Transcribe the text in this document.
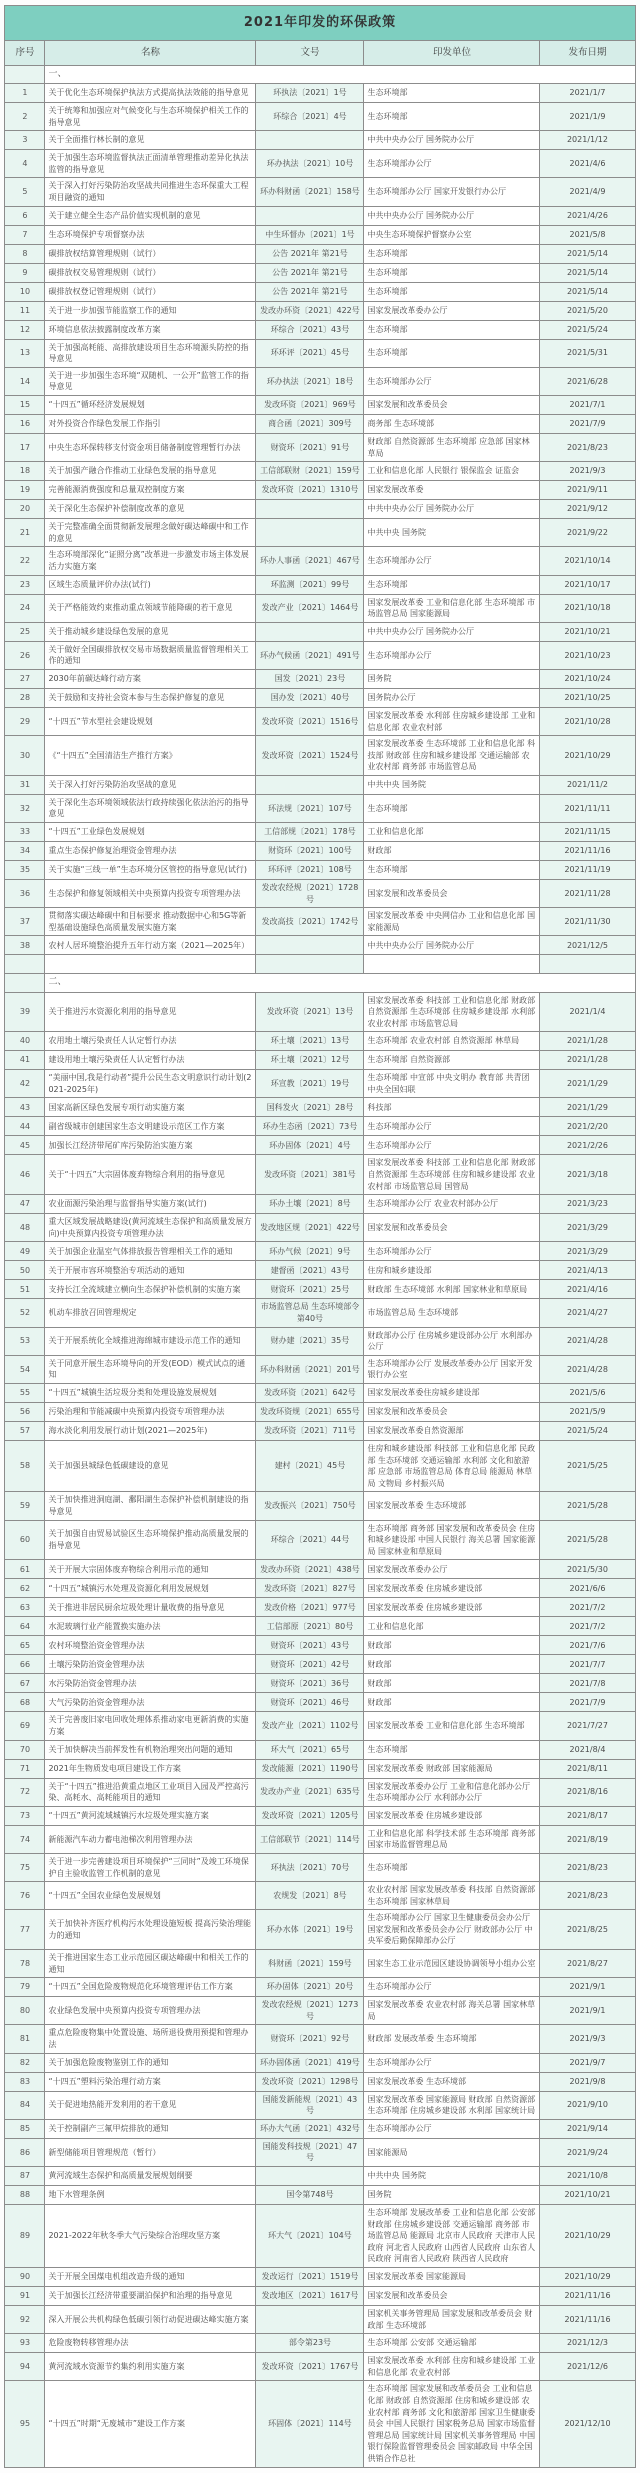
2021年印发的环保政策				
序号	名称	文号	印发单位	发布日期
	一、			
1	关于优化生态环境保护执法方式提高执法效能的指导意见	环执法〔2021〕1号	生态环境部	2021/1/7
2	关于统筹和加强应对气候变化与生态环境保护相关工作的指导意见	环综合〔2021〕4号	生态环境部	2021/1/9
3	关于全面推行林长制的意见		中共中央办公厅 国务院办公厅	2021/1/12
4	关于加强生态环境监督执法正面清单管理推动差异化执法监管的指导意见	环办执法〔2021〕10号	生态环境部办公厅	2021/4/6
5	关于深入打好污染防治攻坚战共同推进生态环保重大工程项目融资的通知	环办科财函〔2021〕158号	生态环境部办公厅 国家开发银行办公厅	2021/4/9
6	关于建立健全生态产品价值实现机制的意见		中共中央办公厅 国务院办公厅	2021/4/26
7	生态环境保护专项督察办法	中生环督办〔2021〕1号	中央生态环境保护督察办公室	2021/5/8
8	碳排放权结算管理规则（试行）	公告 2021年 第21号	生态环境部	2021/5/14
9	碳排放权交易管理规则（试行）	公告 2021年 第21号	生态环境部	2021/5/14
10	碳排放权登记管理规则（试行）	公告 2021年 第21号	生态环境部	2021/5/14
11	关于进一步加强节能监察工作的通知	发改办环资〔2021〕422号	国家发展改革委办公厅	2021/5/20
12	环境信息依法披露制度改革方案	环综合〔2021〕43号	生态环境部	2021/5/24
13	关于加强高耗能、高排放建设项目生态环境源头防控的指导意见	环环评〔2021〕45号	生态环境部	2021/5/31
14	关于进一步加强生态环境“双随机、一公开”监管工作的指导意见	环办执法〔2021〕18号	生态环境部办公厅	2021/6/28
15	“十四五”循环经济发展规划	发改环资〔2021〕969号	国家发展和改革委员会	2021/7/1
16	对外投资合作绿色发展工作指引	商合函〔2021〕309号	商务部 生态环境部	2021/7/9
17	中央生态环保转移支付资金项目储备制度管理暂行办法	财资环〔2021〕91号	财政部 自然资源部 生态环境部 应急部 国家林草局	2021/8/23
18	关于加强产融合作推动工业绿色发展的指导意见	工信部联财〔2021〕159号	工业和信息化部 人民银行 银保监会 证监会	2021/9/3
19	完善能源消费强度和总量双控制度方案	发改环资〔2021〕1310号	国家发展改革委	2021/9/11
20	关于深化生态保护补偿制度改革的意见		中共中央办公厅 国务院办公厅	2021/9/12
21	关于完整准确全面贯彻新发展理念做好碳达峰碳中和工作的意见		中共中央 国务院	2021/9/22
22	生态环境部深化“证照分离”改革进一步激发市场主体发展活力实施方案	环办人事函〔2021〕467号	生态环境部办公厅	2021/10/14
23	区域生态质量评价办法(试行)	环监测〔2021〕99号	生态环境部	2021/10/17
24	关于严格能效约束推动重点领域节能降碳的若干意见	发改产业〔2021〕1464号	国家发展改革委 工业和信息化部 生态环境部 市场监管总局 国家能源局	2021/10/18
25	关于推动城乡建设绿色发展的意见		中共中央办公厅 国务院办公厅	2021/10/21
26	关于做好全国碳排放权交易市场数据质量监督管理相关工作的通知	环办气候函〔2021〕491号	生态环境部办公厅	2021/10/23
27	2030年前碳达峰行动方案	国发〔2021〕23号	国务院	2021/10/24
28	关于鼓励和支持社会资本参与生态保护修复的意见	国办发〔2021〕40号	国务院办公厅	2021/10/25
29	“十四五”节水型社会建设规划	发改环资〔2021〕1516号	国家发展改革委 水利部 住房城乡建设部 工业和信息化部 农业农村部	2021/10/28
30	《“十四五”全国清洁生产推行方案》	发改环资〔2021〕1524号	国家发展改革委 生态环境部 工业和信息化部 科技部 财政部 住房和城乡建设部 交通运输部 农业农村部 商务部 市场监管总局	2021/10/29
31	关于深入打好污染防治攻坚战的意见		中共中央 国务院	2021/11/2
32	关于深化生态环境领域依法行政持续强化依法治污的指导意见	环法规〔2021〕107号	生态环境部	2021/11/11
33	“十四五”工业绿色发展规划	工信部规〔2021〕178号	工业和信息化部	2021/11/15
34	重点生态保护修复治理资金管理办法	财资环〔2021〕100号	财政部	2021/11/16
35	关于实施“三线一单”生态环境分区管控的指导意见(试行)	环环评〔2021〕108号	生态环境部	2021/11/19
36	生态保护和修复领域相关中央预算内投资专项管理办法	发改农经规〔2021〕1728号	国家发展和改革委员会	2021/11/28
37	贯彻落实碳达峰碳中和目标要求 推动数据中心和5G等新型基础设施绿色高质量发展实施方案	发改高技〔2021〕1742号	国家发展改革委 中央网信办 工业和信息化部 国家能源局	2021/11/30
38	农村人居环境整治提升五年行动方案（2021—2025年）		中共中央办公厅 国务院办公厅	2021/12/5

	二、			
39	关于推进污水资源化利用的指导意见	发改环资〔2021〕13号	国家发展改革委 科技部 工业和信息化部 财政部 自然资源部 生态环境部 住房城乡建设部 水利部 农业农村部 市场监管总局	2021/1/4
40	农用地土壤污染责任人认定暂行办法	环土壤〔2021〕13号	生态环境部 农业农村部 自然资源部 林草局	2021/1/28
41	建设用地土壤污染责任人认定暂行办法	环土壤〔2021〕12号	生态环境部 自然资源部	2021/1/28
42	“美丽中国,我是行动者”提升公民生态文明意识行动计划(2021-2025年)	环宣教〔2021〕19号	生态环境部 中宣部 中央文明办 教育部 共青团 中央全国妇联	2021/1/29
43	国家高新区绿色发展专项行动实施方案	国科发火〔2021〕28号	科技部	2021/1/29
44	副省级城市创建国家生态文明建设示范区工作方案	环办生态函〔2021〕73号	生态环境部办公厅	2021/2/20
45	加强长江经济带尾矿库污染防治实施方案	环办固体〔2021〕4号	生态环境部办公厅	2021/2/26
46	关于“十四五”大宗固体废弃物综合利用的指导意见	发改环资〔2021〕381号	国家发展改革委 科技部 工业和信息化部 财政部 自然资源部 生态环境部 住房和城乡建设部 农业农村部 市场监管总局 国管局	2021/3/18
47	农业面源污染治理与监督指导实施方案(试行)	环办土壤〔2021〕8号	生态环境部办公厅 农业农村部办公厅	2021/3/23
48	重大区域发展战略建设(黄河流域生态保护和高质量发展方向)中央预算内投资专项管理办法	发改地区规〔2021〕422号	国家发展和改革委员会	2021/3/29
49	关于加强企业温室气体排放报告管理相关工作的通知	环办气候〔2021〕9号	生态环境部办公厅	2021/3/29
50	关于开展市容环境整治专项活动的通知	建督函〔2021〕43号	住房和城乡建设部	2021/4/13
51	支持长江全流域建立横向生态保护补偿机制的实施方案	财资环〔2021〕25号	财政部 生态环境部 水利部 国家林业和草原局	2021/4/16
52	机动车排放召回管理规定	市场监管总局 生态环境部令第40号	市场监管总局 生态环境部	2021/4/27
53	关于开展系统化全域推进海绵城市建设示范工作的通知	财办建〔2021〕35号	财政部办公厅 住房城乡建设部办公厅 水利部办公厅	2021/4/28
54	关于同意开展生态环境导向的开发(EOD）模式试点的通知	环办科财函〔2021〕201号	生态环境部办公厅 发展改革委办公厅 国家开发银行办公室	2021/4/28
55	“十四五”城镇生活垃圾分类和处理设施发展规划	发改环资〔2021〕642号	国家发展改革委住房城乡建设部	2021/5/6
56	污染治理和节能减碳中央预算内投资专项管理办法	发改环资规〔2021〕655号	国家发展和改革委员会	2021/5/9
57	海水淡化利用发展行动计划(2021—2025年)	发改环资〔2021〕711号	国家发展改革委自然资源部	2021/5/24
58	关于加强县城绿色低碳建设的意见	建村〔2021〕45号	住房和城乡建设部 科技部 工业和信息化部 民政部 生态环境部 交通运输部 水利部 文化和旅游部 应急部 市场监管总局 体育总局 能源局 林草局 文物局 乡村振兴局	2021/5/25
59	关于加快推进洞庭湖、鄱阳湖生态保护补偿机制建设的指导意见	发改振兴〔2021〕750号	国家发展改革委 生态环境部	2021/5/28
60	关于加强自由贸易试验区生态环境保护推动高质量发展的指导意见	环综合〔2021〕44号	生态环境部 商务部 国家发展和改革委员会 住房和城乡建设部 中国人民银行 海关总署 国家能源局 国家林业和草原局	2021/5/28
61	关于开展大宗固体废弃物综合利用示范的通知	发改办环资〔2021〕438号	国家发展改革委办公厅	2021/5/30
62	“十四五”城镇污水处理及资源化利用发展规划	发改环资〔2021〕827号	国家发展改革委 住房城乡建设部	2021/6/6
63	关于推进非居民厨余垃圾处理计量收费的指导意见	发改价格〔2021〕977号	国家发展改革委 住房城乡建设部	2021/7/2
64	水泥玻璃行业产能置换实施办法	工信部原〔2021〕80号	工业和信息化部	2021/7/2
65	农村环境整治资金管理办法	财资环〔2021〕43号	财政部	2021/7/6
66	土壤污染防治资金管理办法	财资环〔2021〕42号	财政部	2021/7/7
67	水污染防治资金管理办法	财资环〔2021〕36号	财政部	2021/7/8
68	大气污染防治资金管理办法	财资环〔2021〕46号	财政部	2021/7/9
69	关于完善废旧家电回收处理体系推动家电更新消费的实施方案	发改产业〔2021〕1102号	国家发展改革委 工业和信息化部 生态环境部	2021/7/27
70	关于加快解决当前挥发性有机物治理突出问题的通知	环大气〔2021〕65号	生态环境部	2021/8/4
71	2021年生物质发电项目建设工作方案	发改能源〔2021〕1190号	国家发展改革委 财政部 国家能源局	2021/8/11
72	关于“十四五”推进沿黄重点地区工业项目入园及严控高污染、高耗水、高耗能项目的通知	发改办产业〔2021〕635号	国家发展改革委办公厅 工业和信息化部办公厅 生态环境部办公厅 水利部办公厅	2021/8/16
73	“十四五”黄河流域城镇污水垃圾处理实施方案	发改环资〔2021〕1205号	国家发展改革委 住房城乡建设部	2021/8/17
74	新能源汽车动力蓄电池梯次利用管理办法	工信部联节〔2021〕114号	工业和信息化部 科学技术部 生态环境部 商务部 国家市场监督管理总局	2021/8/19
75	关于进一步完善建设项目环境保护“三同时”及竣工环境保护自主验收监管工作机制的意见	环执法〔2021〕70号	生态环境部	2021/8/23
76	“十四五”全国农业绿色发展规划	农规发〔2021〕8号	农业农村部 国家发展改革委 科技部 自然资源部 生态环境部 国家林草局	2021/8/23
77	关于加快补齐医疗机构污水处理设施短板 提高污染治理能力的通知	环办水体〔2021〕19号	生态环境部办公厅 国家卫生健康委员会办公厅 国家发展和改革委员会办公厅 财政部办公厅 中央军委后勤保障部办公厅	2021/8/25
78	关于推进国家生态工业示范园区碳达峰碳中和相关工作的通知	科财函〔2021〕159号	国家生态工业示范园区建设协调领导小组办公室	2021/8/27
79	“十四五”全国危险废物规范化环境管理评估工作方案	环办固体〔2021〕20号	生态环境部办公厅	2021/9/1
80	农业绿色发展中央预算内投资专项管理办法	发改农经规〔2021〕1273号	国家发展改革委 农业农村部 海关总署 国家林草局	2021/9/1
81	重点危险废物集中处置设施、场所退役费用预提和管理办法	财资环〔2021〕92号	财政部 发展改革委 生态环境部	2021/9/3
82	关于加强危险废物鉴别工作的通知	环办固体函〔2021〕419号	生态环境部办公厅	2021/9/7
83	“十四五”塑料污染治理行动方案	发改环资〔2021〕1298号	国家发展改革委 生态环境部	2021/9/8
84	关于促进地热能开发利用的若干意见	国能发新能规〔2021〕43号	国家发展改革委 国家能源局 财政部 自然资源部 生态环境部 住房城乡建设部 水利部 国家统计局	2021/9/10
85	关于控制副产三氟甲烷排放的通知	环办大气函〔2021〕432号	生态环境部办公厅	2021/9/14
86	新型储能项目管理规范（暂行）	国能发科技规〔2021〕47号	国家能源局	2021/9/24
87	黄河流域生态保护和高质量发展规划纲要		中共中央 国务院	2021/10/8
88	地下水管理条例	国令第748号	国务院	2021/10/21
89	2021-2022年秋冬季大气污染综合治理攻坚方案	环大气〔2021〕104号	生态环境部 发展改革委 工业和信息化部 公安部 财政部 住房城乡建设部 交通运输部 商务部 市场监管总局 能源局 北京市人民政府 天津市人民政府 河北省人民政府 山西省人民政府 山东省人民政府 河南省人民政府 陕西省人民政府	2021/10/29
90	关于开展全国煤电机组改造升级的通知	发改运行〔2021〕1519号	国家发展改革委 国家能源局	2021/10/29
91	关于加强长江经济带重要湖泊保护和治理的指导意见	发改地区〔2021〕1617号	国家发展和改革委员会	2021/11/16
92	深入开展公共机构绿色低碳引领行动促进碳达峰实施方案		国家机关事务管理局 国家发展和改革委员会 财政部 生态环境部	2021/11/16
93	危险废物转移管理办法	部令第23号	生态环境部 公安部 交通运输部	2021/12/3
94	黄河流域水资源节约集约利用实施方案	发改环资〔2021〕1767号	国家发展改革委 水利部 住房和城乡建设部 工业和信息化部 农业农村部	2021/12/6
95	“十四五”时期“无废城市”建设工作方案	环固体〔2021〕114号	生态环境部 国家发展和改革委员会 工业和信息化部 财政部 自然资源部 住房和城乡建设部 农业农村部 商务部 文化和旅游部 国家卫生健康委员会 中国人民银行 国家税务总局 国家市场监督管理总局 国家统计局 国家机关事务管理局 中国银行保险监督管理委员会 国家邮政局 中华全国供销合作总社	2021/12/10
